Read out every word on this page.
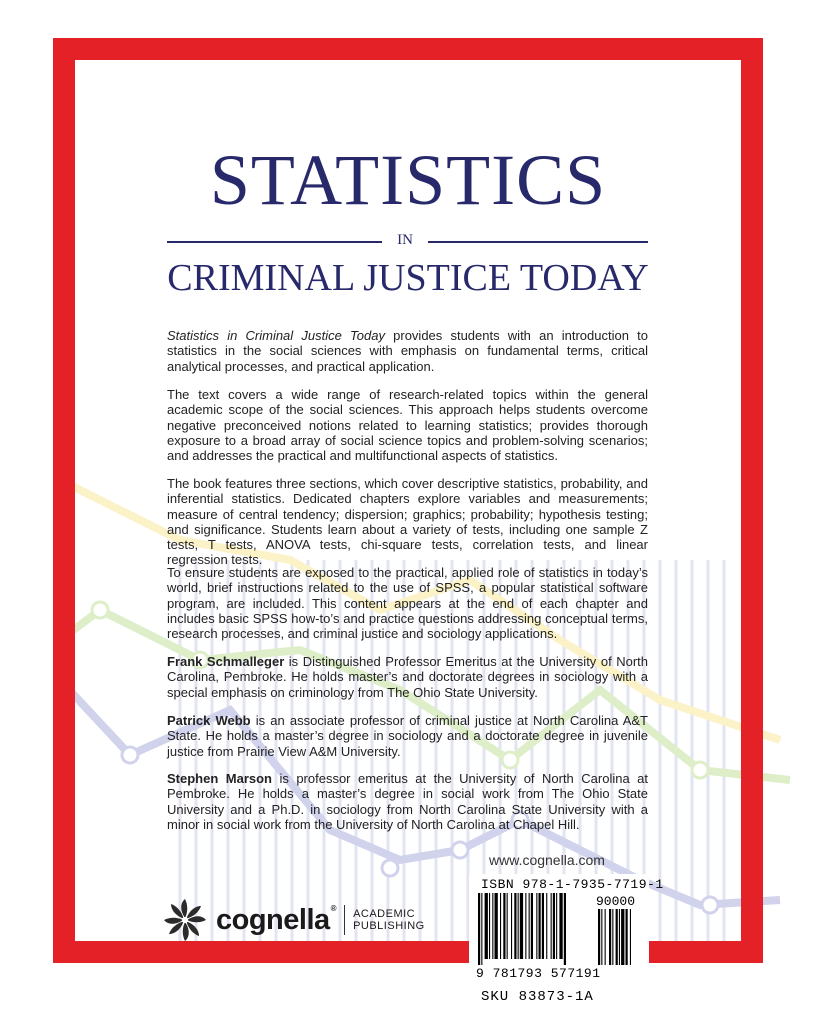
STATISTICS
IN
CRIMINAL JUSTICE TODAY

Statistics in Criminal Justice Today provides students with an introduction to statistics in the social sciences with emphasis on fundamental terms, critical analytical processes, and practical application.

The text covers a wide range of research-related topics within the general academic scope of the social sciences. This approach helps students overcome negative preconceived notions related to learning statistics; provides thorough exposure to a broad array of social science topics and problem-solving scenarios; and addresses the practical and multifunctional aspects of statistics.

The book features three sections, which cover descriptive statistics, probability, and inferential statistics. Dedicated chapters explore variables and measurements; measure of central tendency; dispersion; graphics; probability; hypothesis testing; and significance. Students learn about a variety of tests, including one sample Z tests, T tests, ANOVA tests, chi-square tests, correlation tests, and linear regression tests.

To ensure students are exposed to the practical, applied role of statistics in today’s world, brief instructions related to the use of SPSS, a popular statistical software program, are included. This content appears at the end of each chapter and includes basic SPSS how-to’s and practice questions addressing conceptual terms, research processes, and criminal justice and sociology applications.

Frank Schmalleger is Distinguished Professor Emeritus at the University of North Carolina, Pembroke. He holds master’s and doctorate degrees in sociology with a special emphasis on criminology from The Ohio State University.

Patrick Webb is an associate professor of criminal justice at North Carolina A&T State. He holds a master’s degree in sociology and a doctorate degree in juvenile justice from Prairie View A&M University.

Stephen Marson is professor emeritus at the University of North Carolina at Pembroke. He holds a master’s degree in social work from The Ohio State University and a Ph.D. in sociology from North Carolina State University with a minor in social work from the University of North Carolina at Chapel Hill.

www.cognella.com
cognella® ACADEMIC
PUBLISHING
ISBN 978-1-7935-7719-1
90000
9 781793 577191
SKU 83873-1A
